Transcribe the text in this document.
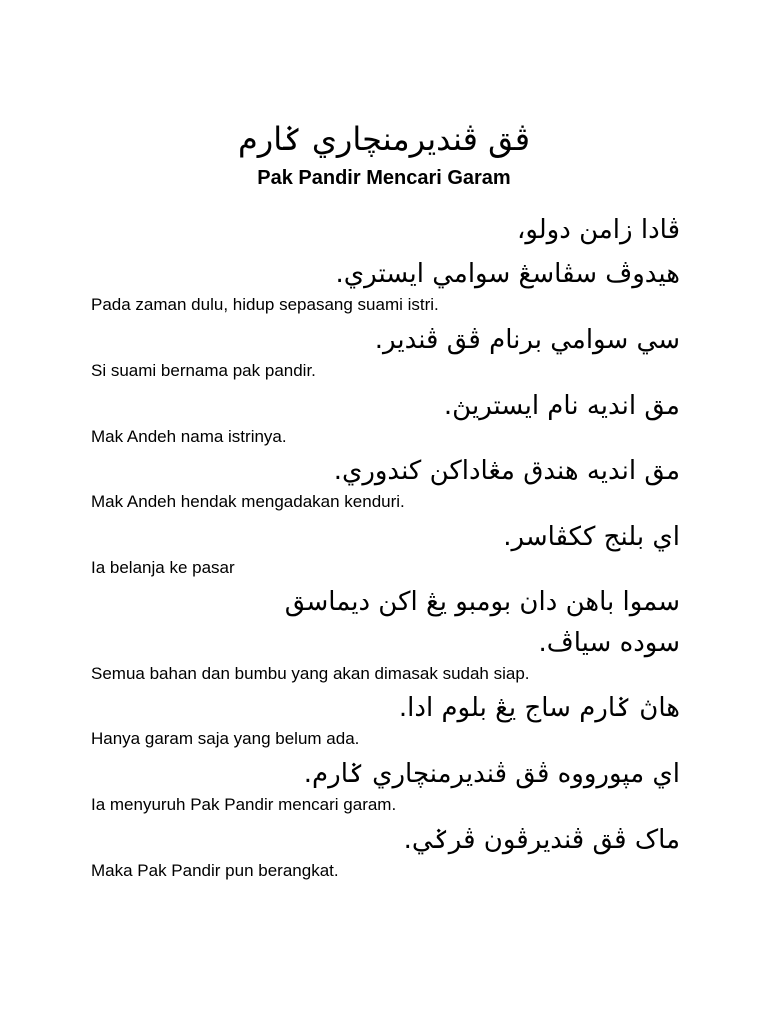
ڤق ڤنديرمنچاري ݢارم
Pak Pandir Mencari Garam
ڤادا زامن دولو،
هيدوڤ سڤاسڠ سوامي ايستري.
Pada zaman dulu, hidup sepasang suami istri.
سي سوامي برنام ڤق ڤندير.
Si suami bernama pak pandir.
مق انديه نام ايستريڽ.
Mak Andeh nama istrinya.
مق انديه هندق مڠاداكن كندوري.
Mak Andeh hendak mengadakan kenduri.
اي بلنج ككڤاسر.
Ia belanja ke pasar
سموا باهن دان بومبو يڠ اكن ديماسق
سوده سياڤ.
Semua bahan dan bumbu yang akan dimasak sudah siap.
هاڽ ݢارم ساج يڠ بلوم ادا.
Hanya garam saja yang belum ada.
اي مپورووه ڤق ڤنديرمنچاري ݢارم.
Ia menyuruh Pak Pandir mencari garam.
ماک ڤق ڤنديرڤون ڤرݢي.
Maka Pak Pandir pun berangkat.
